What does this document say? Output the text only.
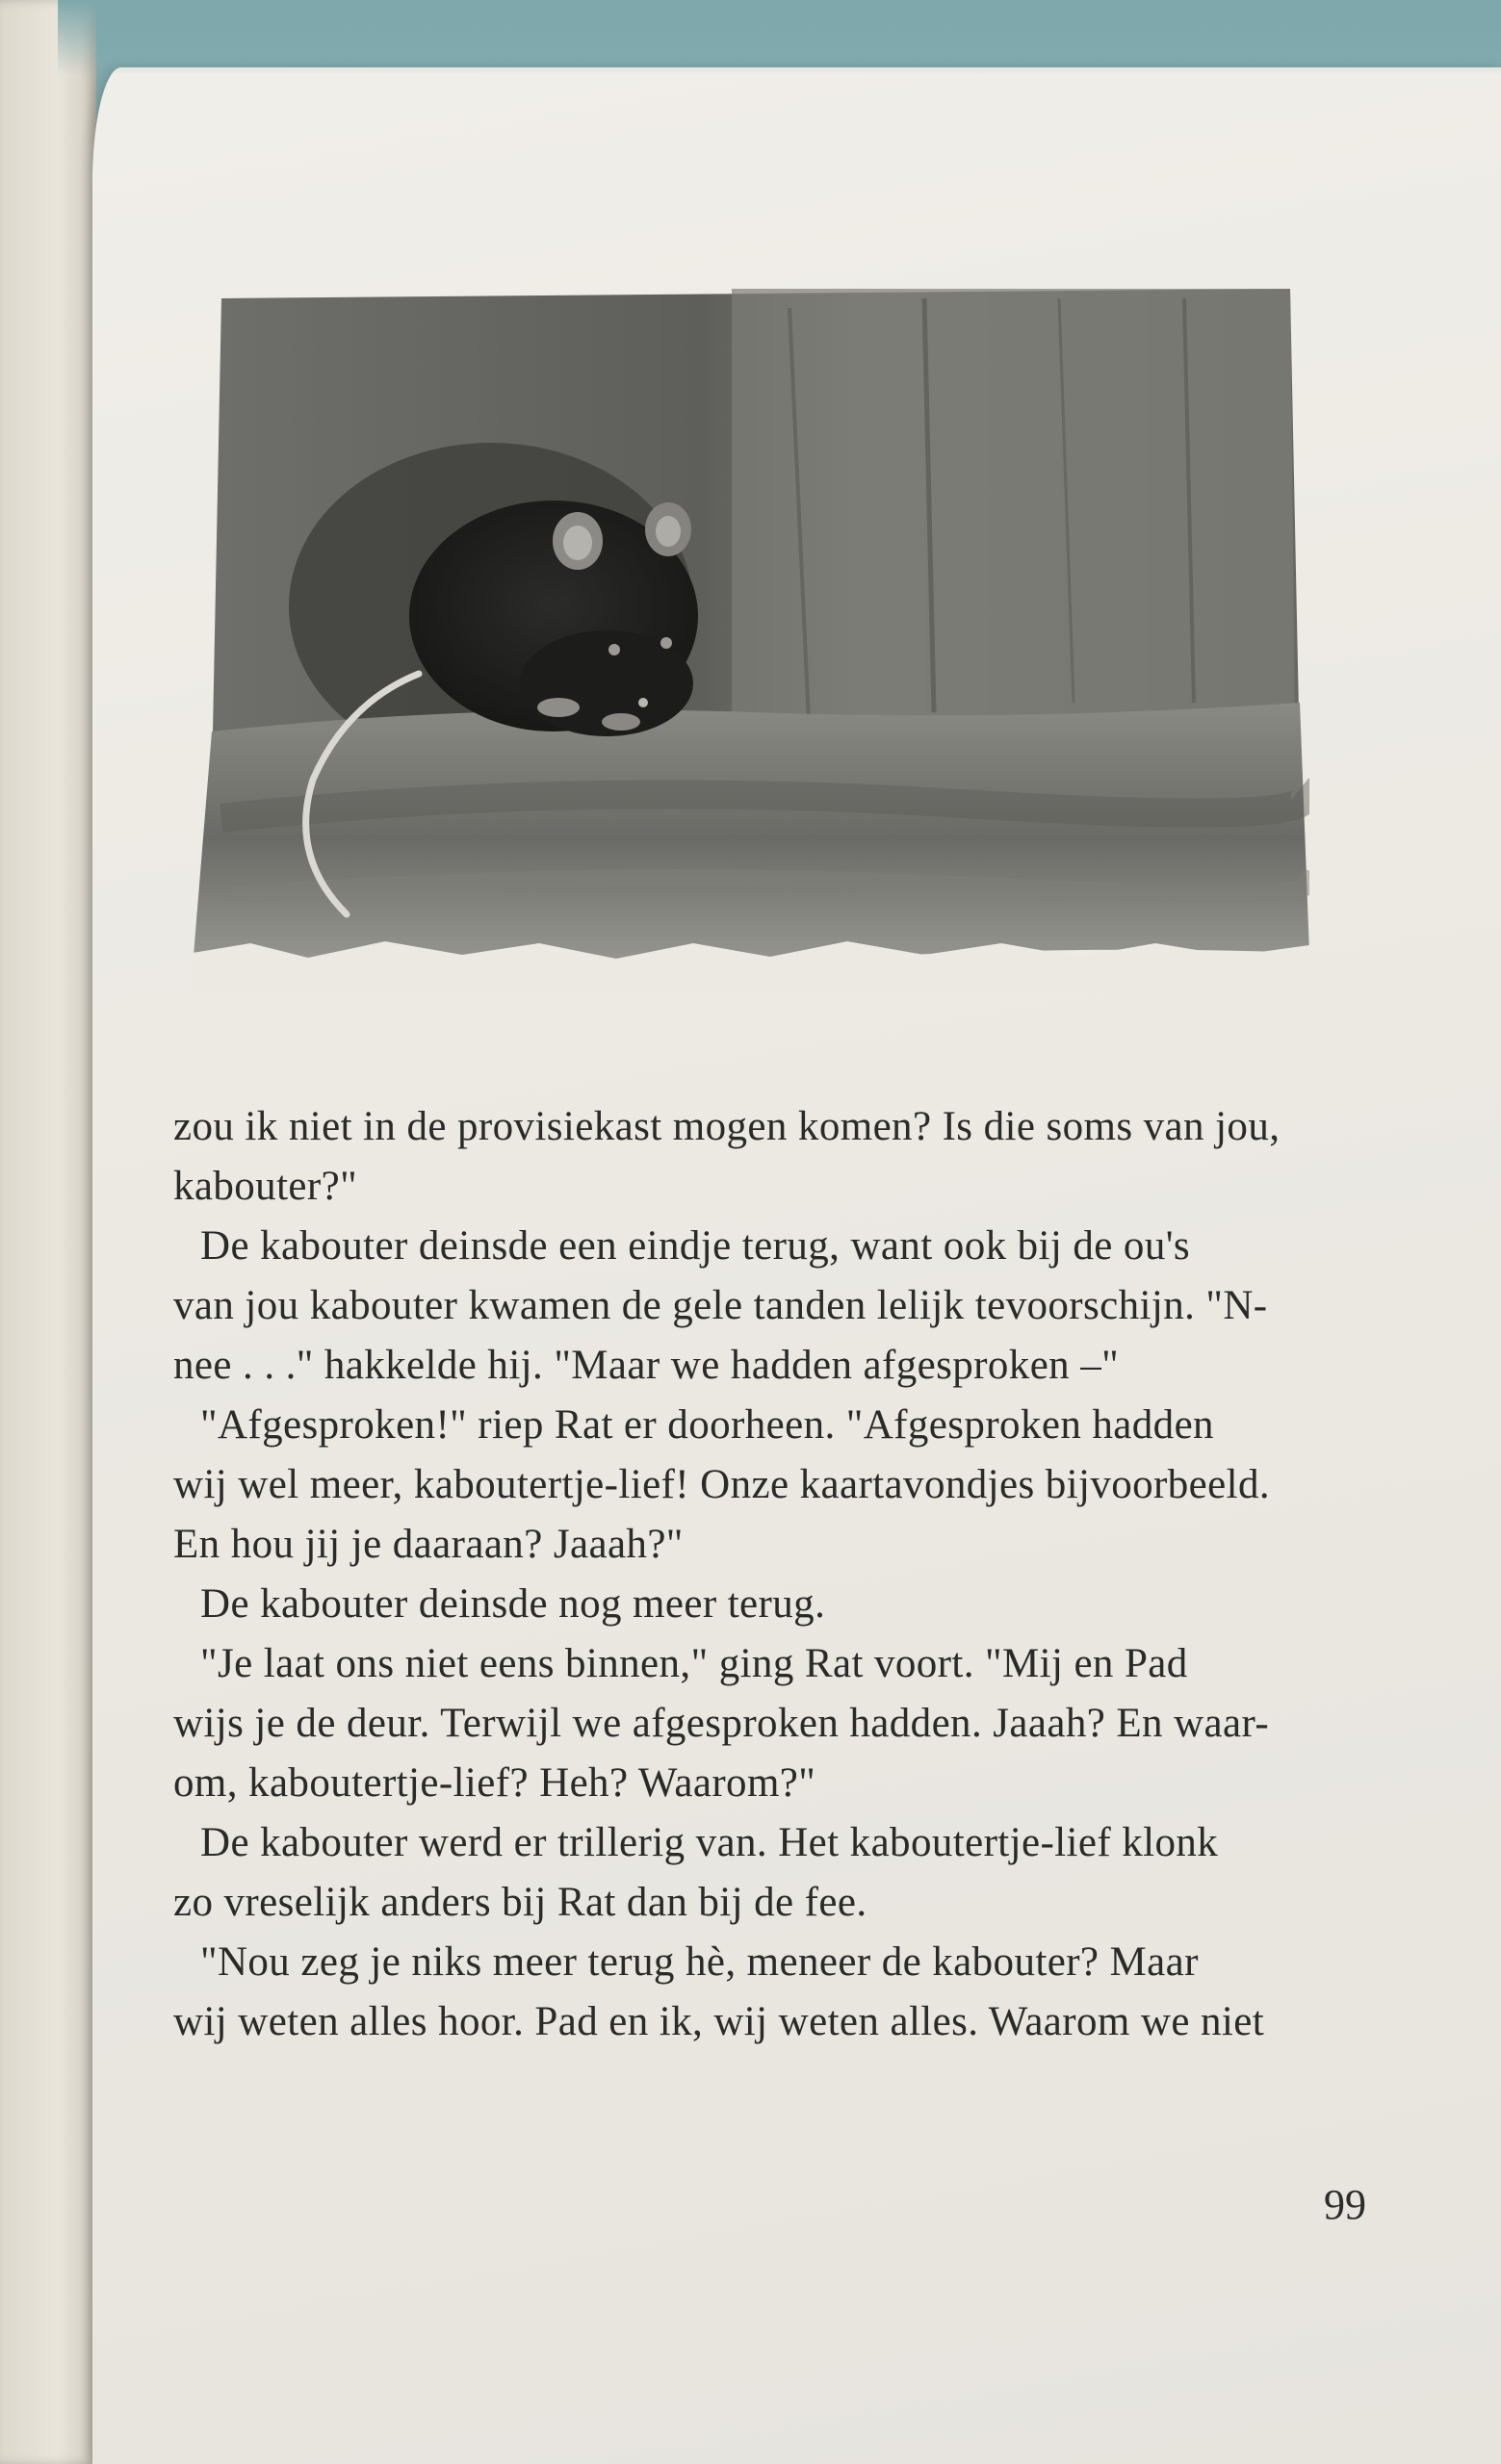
zou ik niet in de provisiekast mogen komen? Is die soms van jou,
kabouter?"
De kabouter deinsde een eindje terug, want ook bij de ou's
van jou kabouter kwamen de gele tanden lelijk tevoorschijn. "N-
nee . . ." hakkelde hij. "Maar we hadden afgesproken –"
"Afgesproken!" riep Rat er doorheen. "Afgesproken hadden
wij wel meer, kaboutertje-lief! Onze kaartavondjes bijvoorbeeld.
En hou jij je daaraan? Jaaah?"
De kabouter deinsde nog meer terug.
"Je laat ons niet eens binnen," ging Rat voort. "Mij en Pad
wijs je de deur. Terwijl we afgesproken hadden. Jaaah? En waar-
om, kaboutertje-lief? Heh? Waarom?"
De kabouter werd er trillerig van. Het kaboutertje-lief klonk
zo vreselijk anders bij Rat dan bij de fee.
"Nou zeg je niks meer terug hè, meneer de kabouter? Maar
wij weten alles hoor. Pad en ik, wij weten alles. Waarom we niet
99
